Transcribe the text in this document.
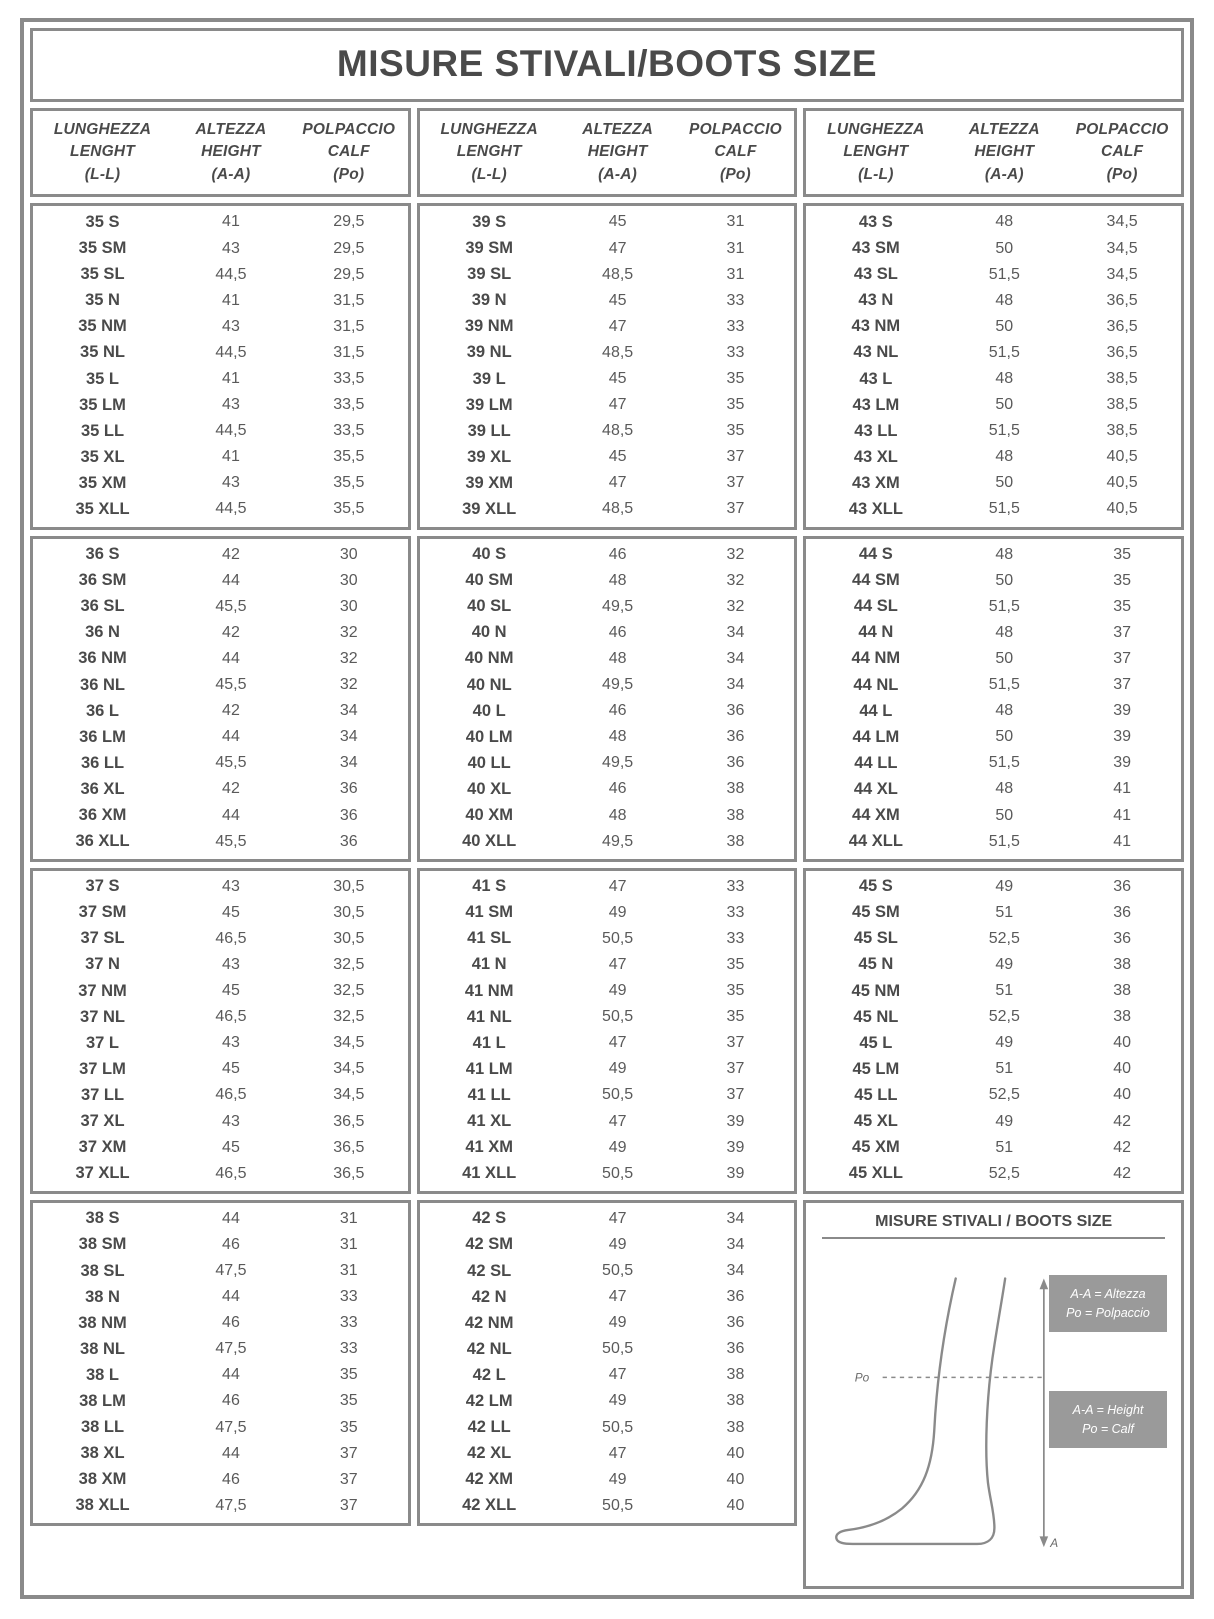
MISURE STIVALI/BOOTS SIZE
LUNGHEZZA
LENGHT
(L-L)
ALTEZZA
HEIGHT
(A-A)
POLPACCIO
CALF
(Po)
35 S	41	29,5
35 SM	43	29,5
35 SL	44,5	29,5
35 N	41	31,5
35 NM	43	31,5
35 NL	44,5	31,5
35 L	41	33,5
35 LM	43	33,5
35 LL	44,5	33,5
35 XL	41	35,5
35 XM	43	35,5
35 XLL	44,5	35,5
36 S	42	30
36 SM	44	30
36 SL	45,5	30
36 N	42	32
36 NM	44	32
36 NL	45,5	32
36 L	42	34
36 LM	44	34
36 LL	45,5	34
36 XL	42	36
36 XM	44	36
36 XLL	45,5	36
37 S	43	30,5
37 SM	45	30,5
37 SL	46,5	30,5
37 N	43	32,5
37 NM	45	32,5
37 NL	46,5	32,5
37 L	43	34,5
37 LM	45	34,5
37 LL	46,5	34,5
37 XL	43	36,5
37 XM	45	36,5
37 XLL	46,5	36,5
38 S	44	31
38 SM	46	31
38 SL	47,5	31
38 N	44	33
38 NM	46	33
38 NL	47,5	33
38 L	44	35
38 LM	46	35
38 LL	47,5	35
38 XL	44	37
38 XM	46	37
38 XLL	47,5	37
LUNGHEZZA
LENGHT
(L-L)
ALTEZZA
HEIGHT
(A-A)
POLPACCIO
CALF
(Po)
39 S	45	31
39 SM	47	31
39 SL	48,5	31
39 N	45	33
39 NM	47	33
39 NL	48,5	33
39 L	45	35
39 LM	47	35
39 LL	48,5	35
39 XL	45	37
39 XM	47	37
39 XLL	48,5	37
40 S	46	32
40 SM	48	32
40 SL	49,5	32
40 N	46	34
40 NM	48	34
40 NL	49,5	34
40 L	46	36
40 LM	48	36
40 LL	49,5	36
40 XL	46	38
40 XM	48	38
40 XLL	49,5	38
41 S	47	33
41 SM	49	33
41 SL	50,5	33
41 N	47	35
41 NM	49	35
41 NL	50,5	35
41 L	47	37
41 LM	49	37
41 LL	50,5	37
41 XL	47	39
41 XM	49	39
41 XLL	50,5	39
42 S	47	34
42 SM	49	34
42 SL	50,5	34
42 N	47	36
42 NM	49	36
42 NL	50,5	36
42 L	47	38
42 LM	49	38
42 LL	50,5	38
42 XL	47	40
42 XM	49	40
42 XLL	50,5	40
LUNGHEZZA
LENGHT
(L-L)
ALTEZZA
HEIGHT
(A-A)
POLPACCIO
CALF
(Po)
43 S	48	34,5
43 SM	50	34,5
43 SL	51,5	34,5
43 N	48	36,5
43 NM	50	36,5
43 NL	51,5	36,5
43 L	48	38,5
43 LM	50	38,5
43 LL	51,5	38,5
43 XL	48	40,5
43 XM	50	40,5
43 XLL	51,5	40,5
44 S	48	35
44 SM	50	35
44 SL	51,5	35
44 N	48	37
44 NM	50	37
44 NL	51,5	37
44 L	48	39
44 LM	50	39
44 LL	51,5	39
44 XL	48	41
44 XM	50	41
44 XLL	51,5	41
45 S	49	36
45 SM	51	36
45 SL	52,5	36
45 N	49	38
45 NM	51	38
45 NL	52,5	38
45 L	49	40
45 LM	51	40
45 LL	52,5	40
45 XL	49	42
45 XM	51	42
45 XLL	52,5	42
MISURE STIVALI / BOOTS SIZE
A
Po
A-A = Altezza
Po = Polpaccio
A-A = Height
Po = Calf
